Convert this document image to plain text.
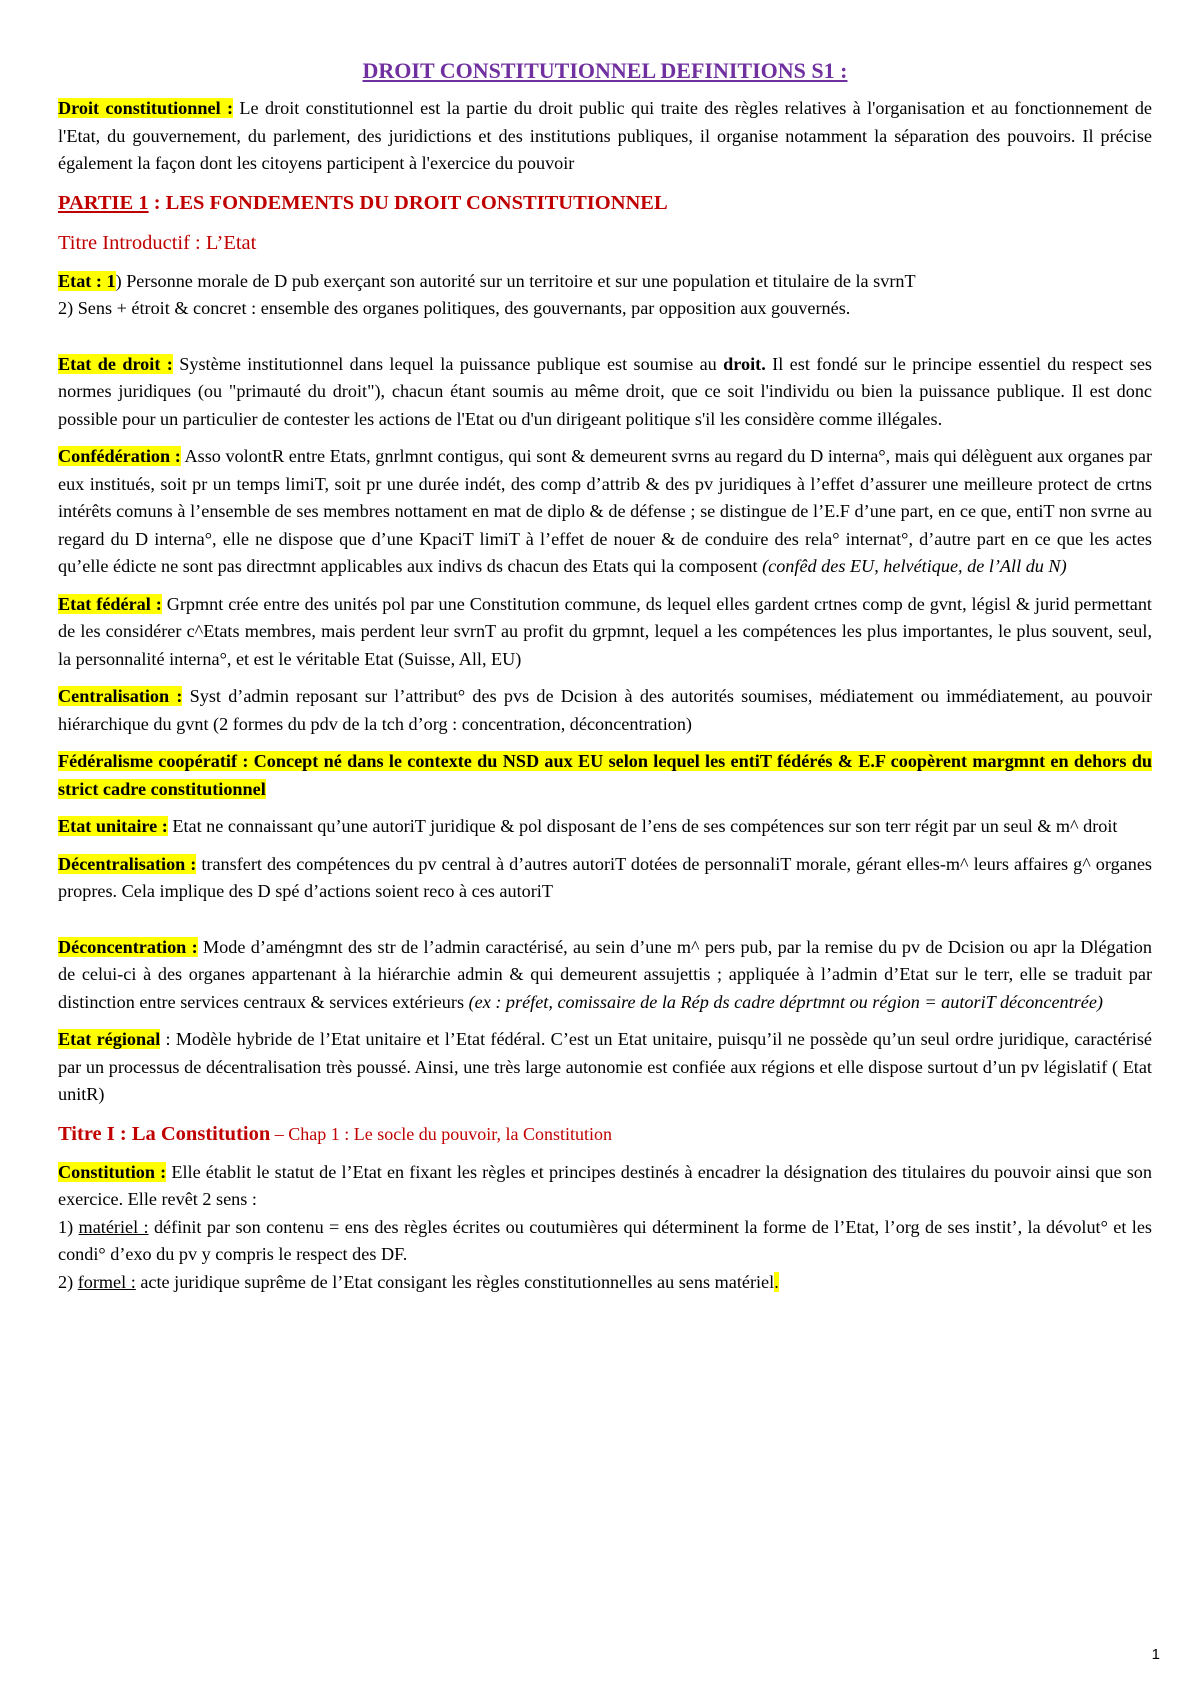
DROIT CONSTITUTIONNEL DEFINITIONS S1 :

Droit constitutionnel : Le droit constitutionnel est la partie du droit public qui traite des règles relatives à l'organisation et au fonctionnement de l'Etat, du gouvernement, du parlement, des juridictions et des institutions publiques, il organise notamment la séparation des pouvoirs. Il précise également la façon dont les citoyens participent à l'exercice du pouvoir

PARTIE 1 : LES FONDEMENTS DU DROIT CONSTITUTIONNEL
Titre Introductif : L’Etat

Etat : 1) Personne morale de D pub exerçant son autorité sur un territoire et sur une population et titulaire de la svrnT
2) Sens + étroit & concret : ensemble des organes politiques, des gouvernants, par opposition aux gouvernés.

Etat de droit : Système institutionnel dans lequel la puissance publique est soumise au droit. Il est fondé sur le principe essentiel du respect ses normes juridiques (ou "primauté du droit"), chacun étant soumis au même droit, que ce soit l'individu ou bien la puissance publique. Il est donc possible pour un particulier de contester les actions de l'Etat ou d'un dirigeant politique s'il les considère comme illégales.

Confédération : Asso volontR entre Etats, gnrlmnt contigus, qui sont & demeurent svrns au regard du D interna°, mais qui délèguent aux organes par eux institués, soit pr un temps limiT, soit pr une durée indét, des comp d’attrib & des pv juridiques à l’effet d’assurer une meilleure protect de crtns intérêts comuns à l’ensemble de ses membres nottament en mat de diplo & de défense ; se distingue de l’E.F d’une part, en ce que, entiT non svrne au regard du D interna°, elle ne dispose que d’une KpaciT limiT à l’effet de nouer & de conduire des rela° internat°, d’autre part en ce que les actes qu’elle édicte ne sont pas directmnt applicables aux indivs ds chacun des Etats qui la composent (confêd des EU, helvétique, de l’All du N)

Etat fédéral : Grpmnt crée entre des unités pol par une Constitution commune, ds lequel elles gardent crtnes comp de gvnt, législ & jurid permettant de les considérer c^Etats membres, mais perdent leur svrnT au profit du grpmnt, lequel a les compétences les plus importantes, le plus souvent, seul, la personnalité interna°, et est le véritable Etat (Suisse, All, EU)

Centralisation : Syst d’admin reposant sur l’attribut° des pvs de Dcision à des autorités soumises, médiatement ou immédiatement, au pouvoir hiérarchique du gvnt (2 formes du pdv de la tch d’org : concentration, déconcentration)

Fédéralisme coopératif : Concept né dans le contexte du NSD aux EU selon lequel les entiT fédérés & E.F coopèrent margmnt en dehors du strict cadre constitutionnel

Etat unitaire : Etat ne connaissant qu’une autoriT juridique & pol disposant de l’ens de ses compétences sur son terr régit par un seul & m^ droit

Décentralisation : transfert des compétences du pv central à d’autres autoriT dotées de personnaliT morale, gérant elles-m^ leurs affaires g^ organes propres. Cela implique des D spé d’actions soient reco à ces autoriT

Déconcentration : Mode d’améngmnt des str de l’admin caractérisé, au sein d’une m^ pers pub, par la remise du pv de Dcision ou apr la Dlégation de celui-ci à des organes appartenant à la hiérarchie admin & qui demeurent assujettis ; appliquée à l’admin d’Etat sur le terr, elle se traduit par distinction entre services centraux & services extérieurs (ex : préfet, comissaire de la Rép ds cadre déprtmnt ou région = autoriT déconcentrée)

Etat régional : Modèle hybride de l’Etat unitaire et l’Etat fédéral. C’est un Etat unitaire, puisqu’il ne possède qu’un seul ordre juridique, caractérisé par un processus de décentralisation très poussé. Ainsi, une très large autonomie est confiée aux régions et elle dispose surtout d’un pv législatif ( Etat unitR)

Titre I : La Constitution – Chap 1 : Le socle du pouvoir, la Constitution

Constitution : Elle établit le statut de l’Etat en fixant les règles et principes destinés à encadrer la désignation des titulaires du pouvoir ainsi que son exercice. Elle revêt 2 sens :
1) matériel : définit par son contenu = ens des règles écrites ou coutumières qui déterminent la forme de l’Etat, l’org de ses instit’, la dévolut° et les condi° d’exo du pv y compris le respect des DF.
2) formel : acte juridique suprême de l’Etat consigant les règles constitutionnelles au sens matériel.

1
